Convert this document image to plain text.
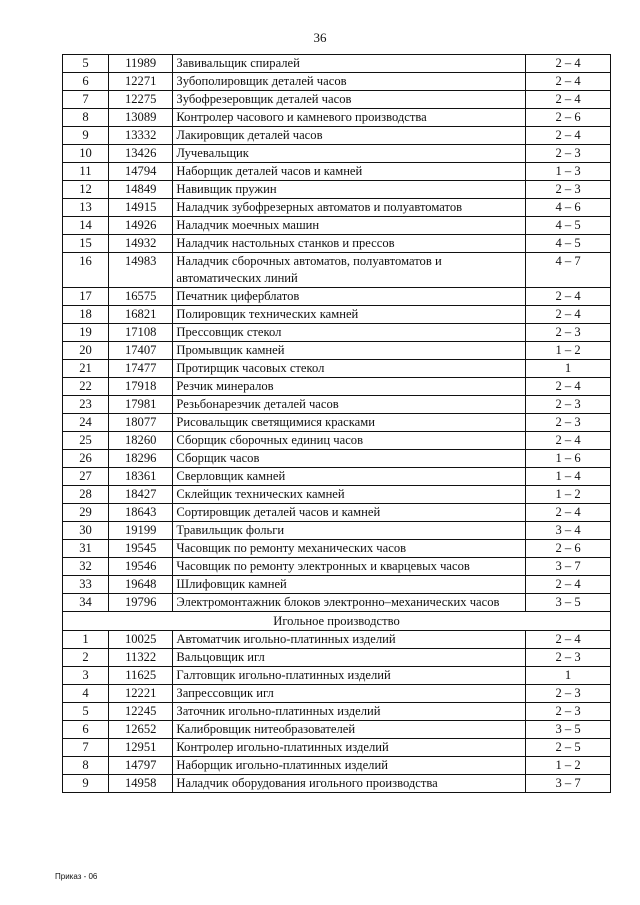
36
5	11989	Завивальщик спиралей	2 – 4
6	12271	Зубополировщик деталей часов	2 – 4
7	12275	Зубофрезеровщик деталей часов	2 – 4
8	13089	Контролер часового и камневого производства	2 – 6
9	13332	Лакировщик деталей часов	2 – 4
10	13426	Лучевальщик	2 – 3
11	14794	Наборщик деталей часов и камней	1 – 3
12	14849	Навивщик пружин	2 – 3
13	14915	Наладчик зубофрезерных автоматов и полуавтоматов	4 – 6
14	14926	Наладчик моечных машин	4 – 5
15	14932	Наладчик настольных станков и прессов	4 – 5
16	14983	Наладчик сборочных автоматов, полуавтоматов и автоматических линий	4 – 7
17	16575	Печатник циферблатов	2 – 4
18	16821	Полировщик технических камней	2 – 4
19	17108	Прессовщик стекол	2 – 3
20	17407	Промывщик камней	1 – 2
21	17477	Протирщик часовых стекол	1
22	17918	Резчик минералов	2 – 4
23	17981	Резьбонарезчик деталей часов	2 – 3
24	18077	Рисовальщик светящимися красками	2 – 3
25	18260	Сборщик сборочных единиц часов	2 – 4
26	18296	Сборщик часов	1 – 6
27	18361	Сверловщик камней	1 – 4
28	18427	Склейщик технических камней	1 – 2
29	18643	Сортировщик деталей часов и камней	2 – 4
30	19199	Травильщик фольги	3 – 4
31	19545	Часовщик по ремонту механических часов	2 – 6
32	19546	Часовщик по ремонту электронных и кварцевых часов	3 – 7
33	19648	Шлифовщик камней	2 – 4
34	19796	Электромонтажник блоков электронно–механических часов	3 – 5
Игольное производство			
1	10025	Автоматчик игольно-платинных изделий	2 – 4
2	11322	Вальцовщик игл	2 – 3
3	11625	Галтовщик игольно-платинных изделий	1
4	12221	Запрессовщик игл	2 – 3
5	12245	Заточник игольно-платинных изделий	2 – 3
6	12652	Калибровщик нитеобразователей	3 – 5
7	12951	Контролер игольно-платинных изделий	2 – 5
8	14797	Наборщик игольно-платинных изделий	1 – 2
9	14958	Наладчик оборудования игольного производства	3 – 7
Приказ - 06
